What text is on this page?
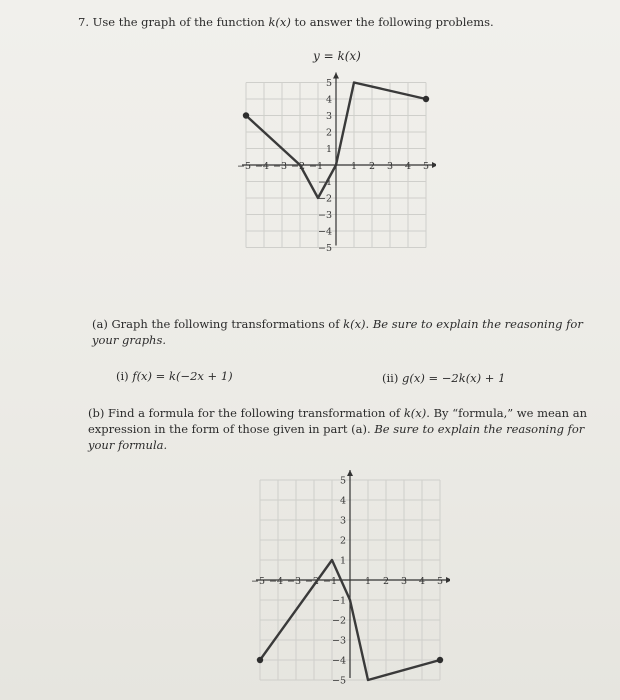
7. Use the graph of the function k(x) to answer the following problems.
y = k(x)
−5 −4 −3 −2 −1	1 2 3 4 5
5
4
3
2
1
−1
−2
−3
−4
−5
(a) Graph the following transformations of k(x). Be sure to explain the reasoning for your graphs.
(i) f(x) = k(−2x + 1)	(ii) g(x) = −2k(x) + 1
(b) Find a formula for the following transformation of k(x). By “formula,” we mean an expression in the form of those given in part (a). Be sure to explain the reasoning for your formula.
−5 −4 −3 −2 −1	1 2 3 4 5
5
4
3
2
1
−1
−2
−3
−4
−5
